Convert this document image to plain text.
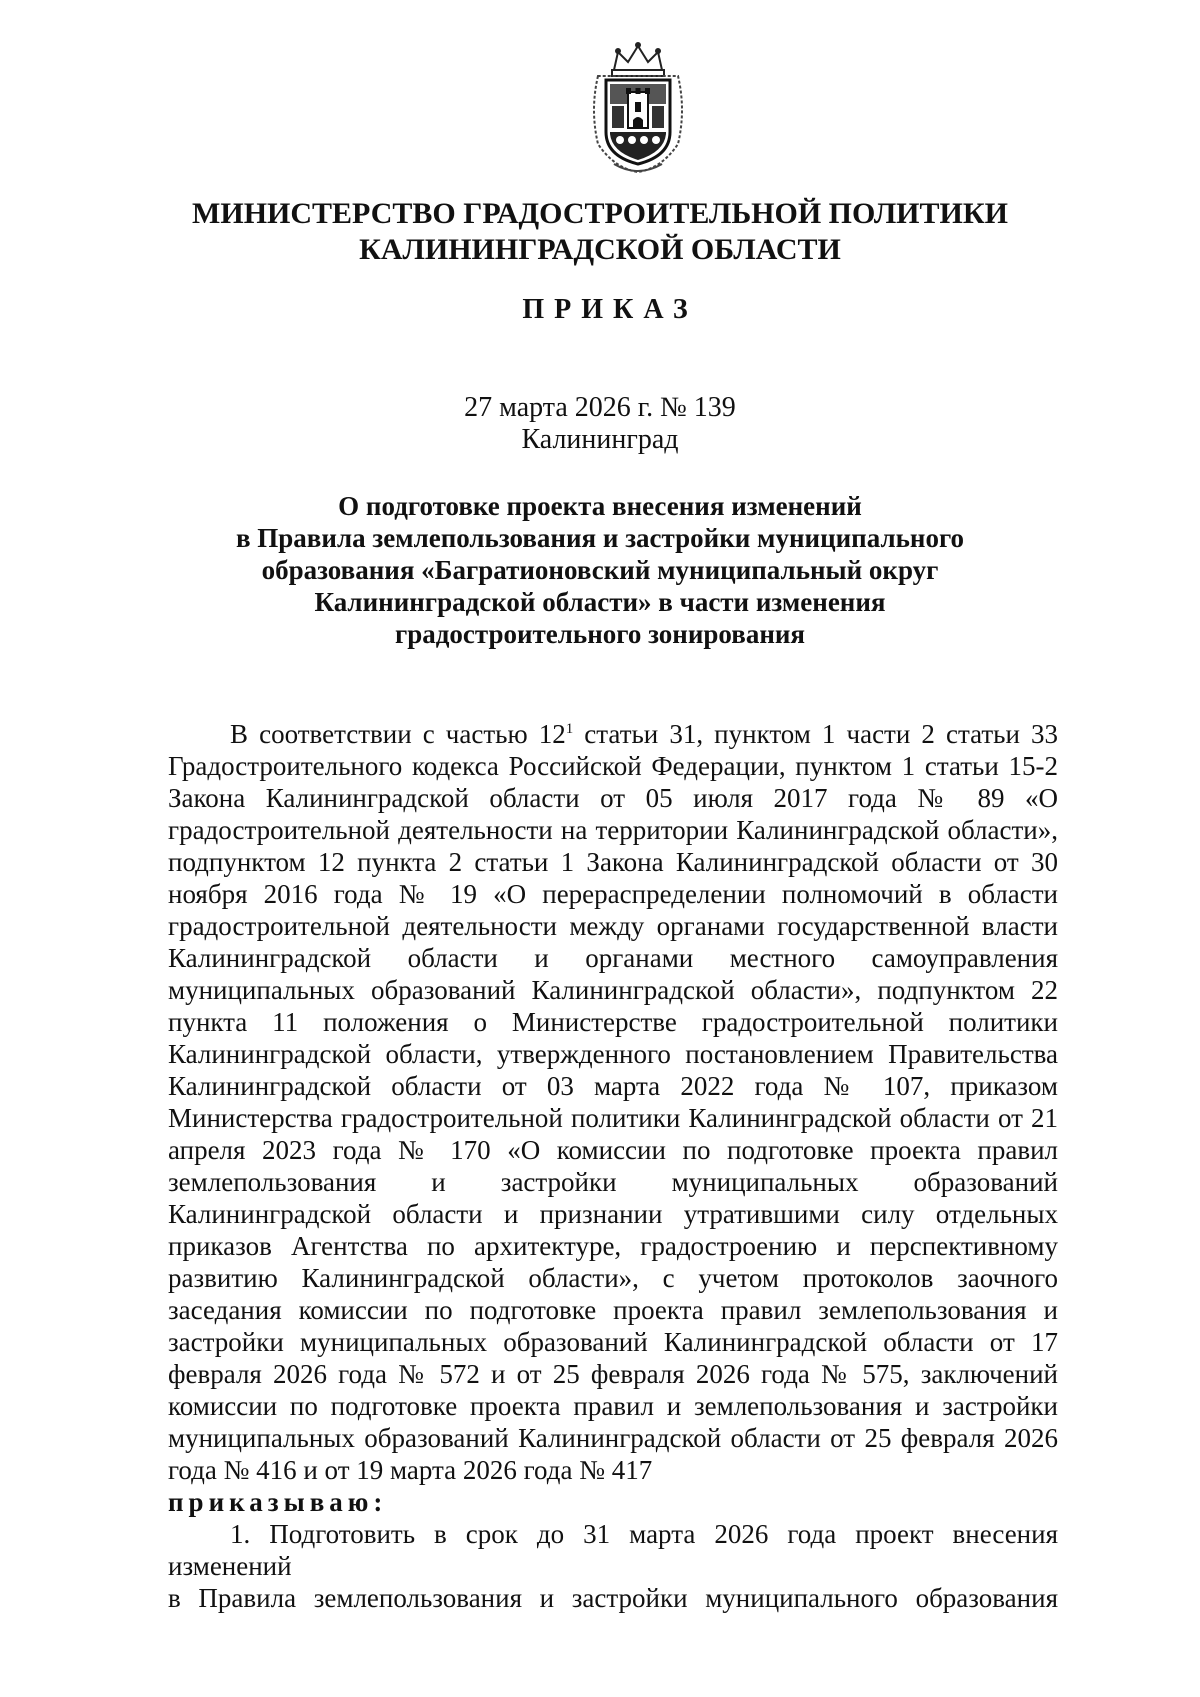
МИНИСТЕРСТВО ГРАДОСТРОИТЕЛЬНОЙ ПОЛИТИКИ
КАЛИНИНГРАДСКОЙ ОБЛАСТИ
ПРИКАЗ
27 марта 2026 г. № 139
Калининград
О подготовке проекта внесения изменений
в Правила землепользования и застройки муниципального
образования «Багратионовский муниципальный округ
Калининградской области» в части изменения
градостроительного зонирования

В соответствии с частью $12^1$ статьи 31, пунктом 1 части 2 статьи 33 Градостроительного кодекса Российской Федерации, пунктом 1 статьи 15-2 Закона Калининградской области от 05 июля 2017 года № 89 «О градостроительной деятельности на территории Калининградской области», подпунктом 12 пункта 2 статьи 1 Закона Калининградской области от 30 ноября 2016 года № 19 «О перераспределении полномочий в области градостроительной деятельности между органами государственной власти Калининградской области и органами местного самоуправления муниципальных образований Калининградской области», подпунктом 22 пункта 11 положения о Министерстве градостроительной политики Калининградской области, утвержденного постановлением Правительства Калининградской области от 03 марта 2022 года № 107, приказом Министерства градостроительной политики Калининградской области от 21 апреля 2023 года № 170 «О комиссии по подготовке проекта правил землепользования и застройки муниципальных образований Калининградской области и признании утратившими силу отдельных приказов Агентства по архитектуре, градостроению и перспективному развитию Калининградской области», с учетом протоколов заочного заседания комиссии по подготовке проекта правил землепользования и застройки муниципальных образований Калининградской области от 17 февраля 2026 года № 572 и от 25 февраля 2026 года № 575, заключений комиссии по подготовке проекта правил и землепользования и застройки муниципальных образований Калининградской области от 25 февраля 2026 года № 416 и от 19 марта 2026 года № 417

приказываю:
1. Подготовить в срок до 31 марта 2026 года проект внесения изменений
в Правила землепользования и застройки муниципального образования
